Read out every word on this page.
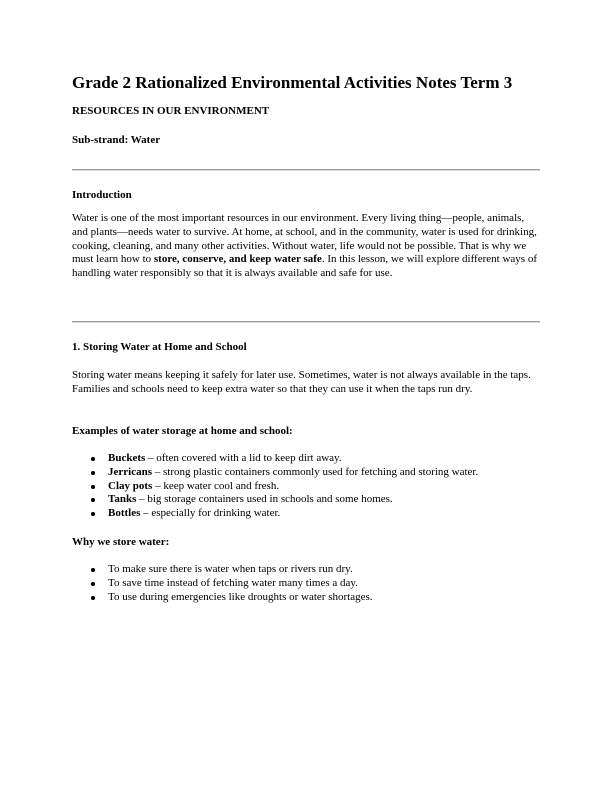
Grade 2 Rationalized Environmental Activities Notes Term 3

RESOURCES IN OUR ENVIRONMENT

Sub-strand: Water

Introduction

Water is one of the most important resources in our environment. Every living thing—people, animals, and plants—needs water to survive. At home, at school, and in the community, water is used for drinking, cooking, cleaning, and many other activities. Without water, life would not be possible. That is why we must learn how to store, conserve, and keep water safe. In this lesson, we will explore different ways of handling water responsibly so that it is always available and safe for use.

1. Storing Water at Home and School

Storing water means keeping it safely for later use. Sometimes, water is not always available in the taps. Families and schools need to keep extra water so that they can use it when the taps run dry.

Examples of water storage at home and school:

Buckets – often covered with a lid to keep dirt away.
Jerricans – strong plastic containers commonly used for fetching and storing water.
Clay pots – keep water cool and fresh.
Tanks – big storage containers used in schools and some homes.
Bottles – especially for drinking water.

Why we store water:

To make sure there is water when taps or rivers run dry.
To save time instead of fetching water many times a day.
To use during emergencies like droughts or water shortages.
